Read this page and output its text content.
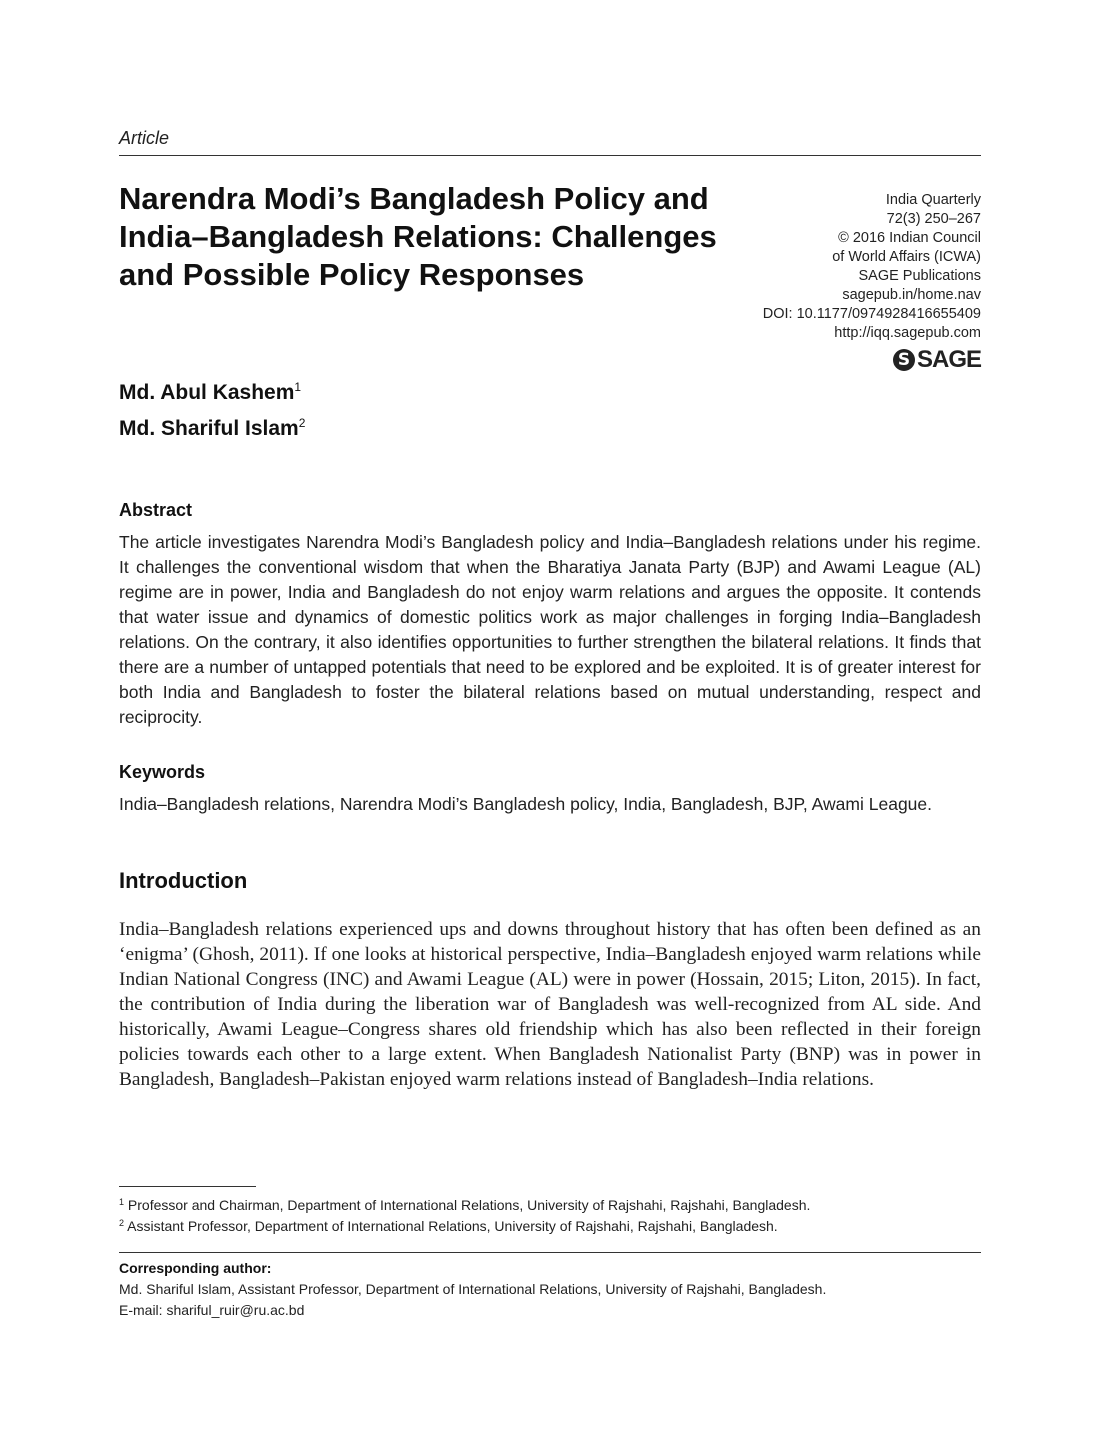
Article
Narendra Modi’s Bangladesh Policy and India–Bangladesh Relations: Challenges and Possible Policy Responses
India Quarterly
72(3) 250–267
© 2016 Indian Council
of World Affairs (ICWA)
SAGE Publications
sagepub.in/home.nav
DOI: 10.1177/0974928416655409
http://iqq.sagepub.com
S SAGE
Md. Abul Kashem$^1$
Md. Shariful Islam$^2$
Abstract
The article investigates Narendra Modi’s Bangladesh policy and India–Bangladesh relations under his regime. It challenges the conventional wisdom that when the Bharatiya Janata Party (BJP) and Awami League (AL) regime are in power, India and Bangladesh do not enjoy warm relations and argues the opposite. It contends that water issue and dynamics of domestic politics work as major challenges in forging India–Bangladesh relations. On the contrary, it also identifies opportunities to further strengthen the bilateral relations. It finds that there are a number of untapped potentials that need to be explored and be exploited. It is of greater interest for both India and Bangladesh to foster the bilateral relations based on mutual understanding, respect and reciprocity.
Keywords
India–Bangladesh relations, Narendra Modi’s Bangladesh policy, India, Bangladesh, BJP, Awami League.
Introduction
India–Bangladesh relations experienced ups and downs throughout history that has often been defined as an ‘enigma’ (Ghosh, 2011). If one looks at historical perspective, India–Bangladesh enjoyed warm relations while Indian National Congress (INC) and Awami League (AL) were in power (Hossain, 2015; Liton, 2015). In fact, the contribution of India during the liberation war of Bangladesh was well-recognized from AL side. And historically, Awami League–Congress shares old friendship which has also been reflected in their foreign policies towards each other to a large extent. When Bangladesh Nationalist Party (BNP) was in power in Bangladesh, Bangladesh–Pakistan enjoyed warm relations instead of Bangladesh–India relations.
$^1$ Professor and Chairman, Department of International Relations, University of Rajshahi, Rajshahi, Bangladesh.
$^2$ Assistant Professor, Department of International Relations, University of Rajshahi, Rajshahi, Bangladesh.
Corresponding author:
Md. Shariful Islam, Assistant Professor, Department of International Relations, University of Rajshahi, Bangladesh.
E-mail: shariful_ruir@ru.ac.bd
